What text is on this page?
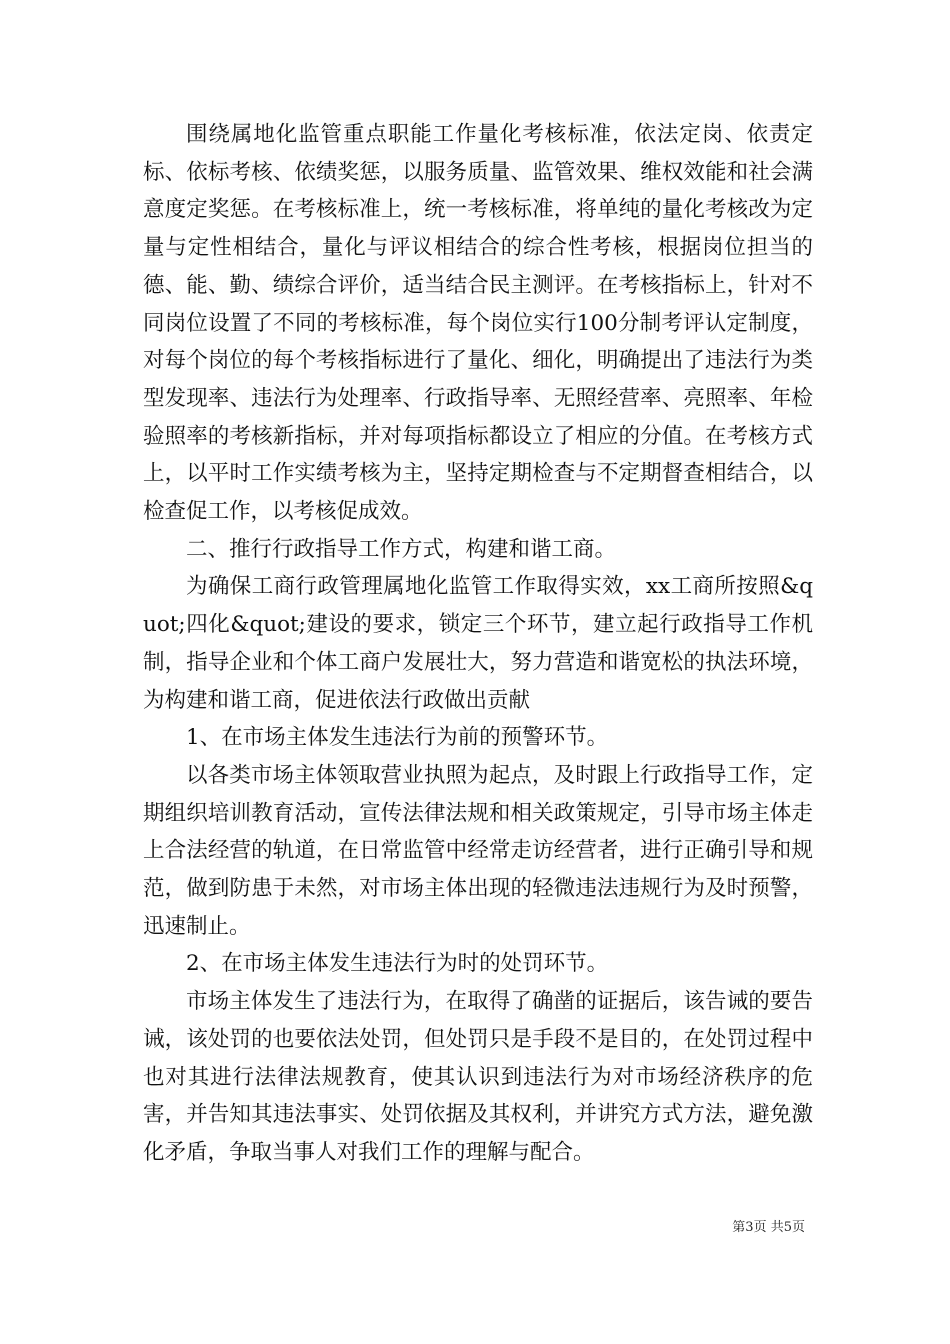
围绕属地化监管重点职能工作量化考核标准，依法定岗、依责定标、依标考核、依绩奖惩，以服务质量、监管效果、维权效能和社会满意度定奖惩。在考核标准上，统一考核标准，将单纯的量化考核改为定量与定性相结合，量化与评议相结合的综合性考核，根据岗位担当的德、能、勤、绩综合评价，适当结合民主测评。在考核指标上，针对不同岗位设置了不同的考核标准，每个岗位实行100分制考评认定制度，对每个岗位的每个考核指标进行了量化、细化，明确提出了违法行为类型发现率、违法行为处理率、行政指导率、无照经营率、亮照率、年检验照率的考核新指标，并对每项指标都设立了相应的分值。在考核方式上，以平时工作实绩考核为主，坚持定期检查与不定期督查相结合，以检查促工作，以考核促成效。

二、推行行政指导工作方式，构建和谐工商。

为确保工商行政管理属地化监管工作取得实效，xx工商所按照&quot;四化&quot;建设的要求，锁定三个环节，建立起行政指导工作机制，指导企业和个体工商户发展壮大，努力营造和谐宽松的执法环境，为构建和谐工商，促进依法行政做出贡献

1、在市场主体发生违法行为前的预警环节。

以各类市场主体领取营业执照为起点，及时跟上行政指导工作，定期组织培训教育活动，宣传法律法规和相关政策规定，引导市场主体走上合法经营的轨道，在日常监管中经常走访经营者，进行正确引导和规范，做到防患于未然，对市场主体出现的轻微违法违规行为及时预警，迅速制止。

2、在市场主体发生违法行为时的处罚环节。

市场主体发生了违法行为，在取得了确凿的证据后，该告诫的要告诫，该处罚的也要依法处罚，但处罚只是手段不是目的，在处罚过程中也对其进行法律法规教育，使其认识到违法行为对市场经济秩序的危害，并告知其违法事实、处罚依据及其权利，并讲究方式方法，避免激化矛盾，争取当事人对我们工作的理解与配合。

第3页 共5页
